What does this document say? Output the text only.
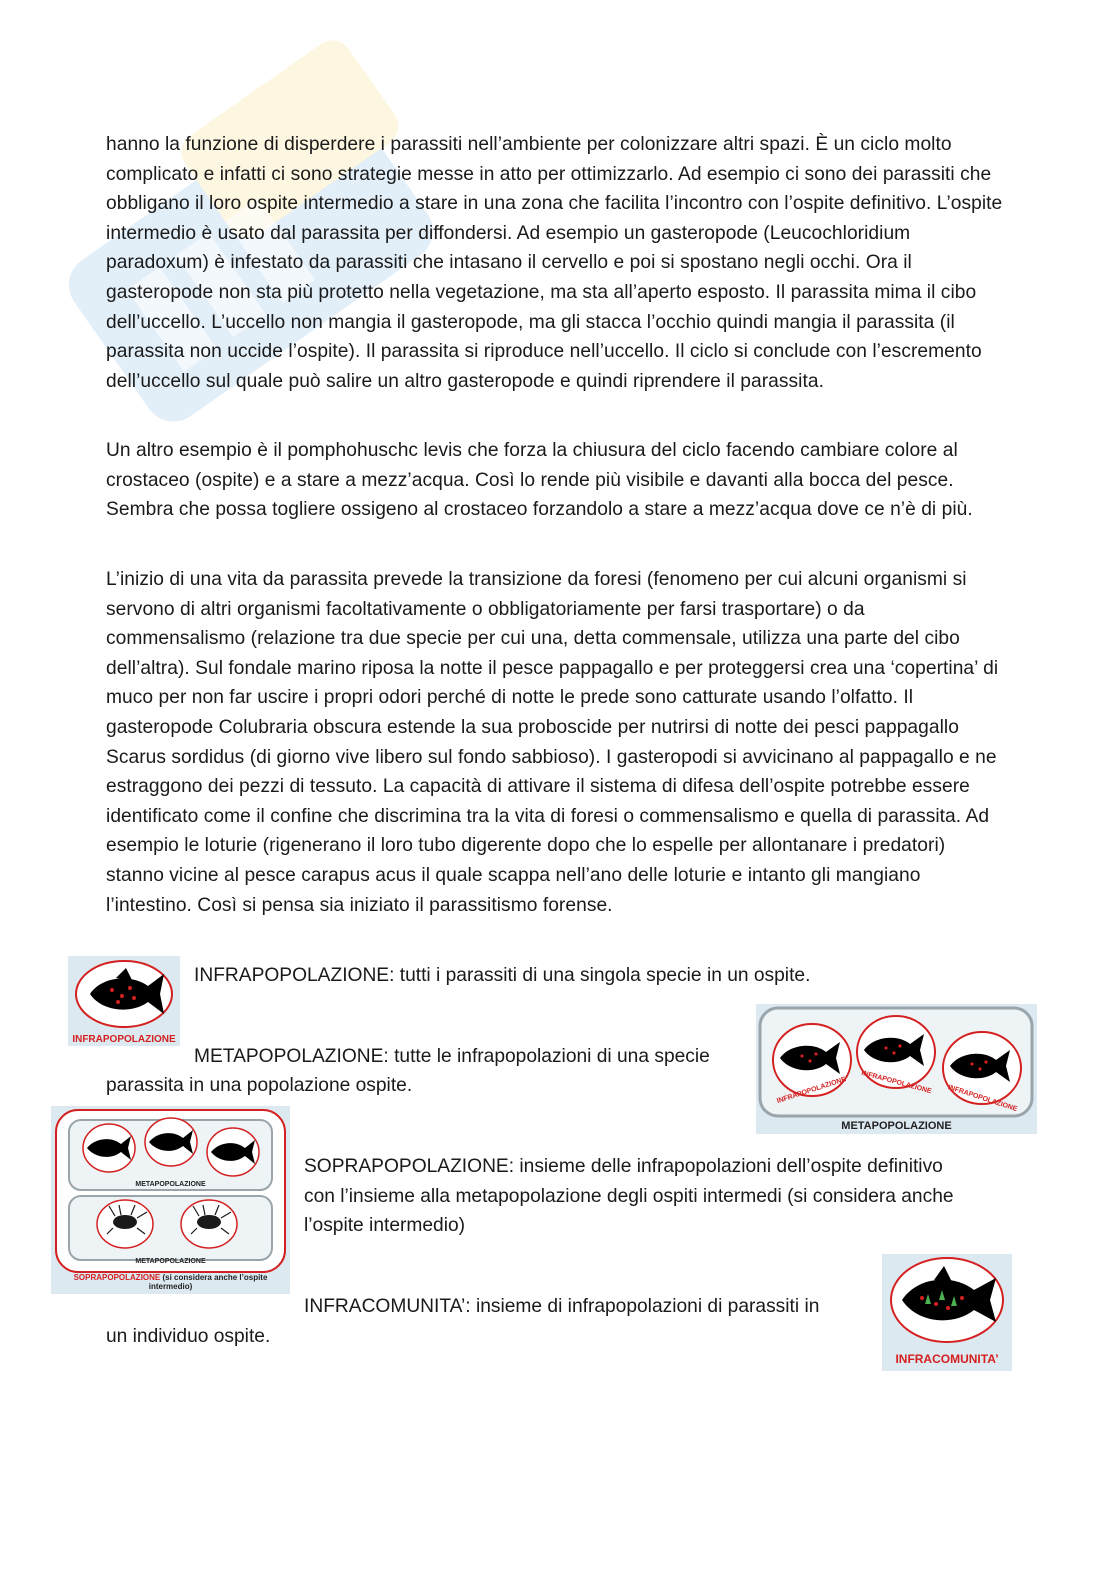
hanno la funzione di disperdere i parassiti nell’ambiente per colonizzare altri spazi. È un ciclo molto complicato e infatti ci sono strategie messe in atto per ottimizzarlo. Ad esempio ci sono dei parassiti che obbligano il loro ospite intermedio a stare in una zona che facilita l’incontro con l’ospite definitivo. L’ospite intermedio è usato dal parassita per diffondersi. Ad esempio un gasteropode (Leucochloridium paradoxum) è infestato da parassiti che intasano il cervello e poi si spostano negli occhi. Ora il gasteropode non sta più protetto nella vegetazione, ma sta all’aperto esposto. Il parassita mima il cibo dell’uccello. L’uccello non mangia il gasteropode, ma gli stacca l’occhio quindi mangia il parassita (il parassita non uccide l’ospite). Il parassita si riproduce nell’uccello. Il ciclo si conclude con l’escremento dell’uccello sul quale può salire un altro gasteropode e quindi riprendere il parassita.

Un altro esempio è il pomphohuschc levis che forza la chiusura del ciclo facendo cambiare colore al crostaceo (ospite) e a stare a mezz’acqua. Così lo rende più visibile e davanti alla bocca del pesce. Sembra che possa togliere ossigeno al crostaceo forzandolo a stare a mezz’acqua dove ce n’è di più.

L’inizio di una vita da parassita prevede la transizione da foresi (fenomeno per cui alcuni organismi si servono di altri organismi facoltativamente o obbligatoriamente per farsi trasportare) o da commensalismo (relazione tra due specie per cui una, detta commensale, utilizza una parte del cibo dell’altra). Sul fondale marino riposa la notte il pesce pappagallo e per proteggersi crea una ‘copertina’ di muco per non far uscire i propri odori perché di notte le prede sono catturate usando l’olfatto. Il gasteropode Colubraria obscura estende la sua proboscide per nutrirsi di notte dei pesci pappagallo Scarus sordidus (di giorno vive libero sul fondo sabbioso). I gasteropodi si avvicinano al pappagallo e ne estraggono dei pezzi di tessuto. La capacità di attivare il sistema di difesa dell’ospite potrebbe essere identificato come il confine che discrimina tra la vita di foresi o commensalismo e quella di parassita. Ad esempio le loturie (rigenerano il loro tubo digerente dopo che lo espelle per allontanare i predatori) stanno vicine al pesce carapus acus il quale scappa nell’ano delle loturie e intanto gli mangiano l’intestino. Così si pensa sia iniziato il parassitismo forense.

INFRAPOPOLAZIONE
INFRAPOPOLAZIONE: tutti i parassiti di una singola specie in un ospite.
INFRAPOPOLAZIONE INFRAPOPOLAZIONE
INFRAPOPOLAZIONE
METAPOPOLAZIONE
METAPOPOLAZIONE: tutte le infrapopolazioni di una specie
parassita in una popolazione ospite.
METAPOPOLAZIONE
METAPOPOLAZIONE
SOPRAPOPOLAZIONE (si considera anche l’ospite
intermedio)
SOPRAPOPOLAZIONE: insieme delle infrapopolazioni dell’ospite definitivo
con l’insieme alla metapopolazione degli ospiti intermedi (si considera anche
l’ospite intermedio)
INFRACOMUNITA’
INFRACOMUNITA’: insieme di infrapopolazioni di parassiti in
un individuo ospite.
